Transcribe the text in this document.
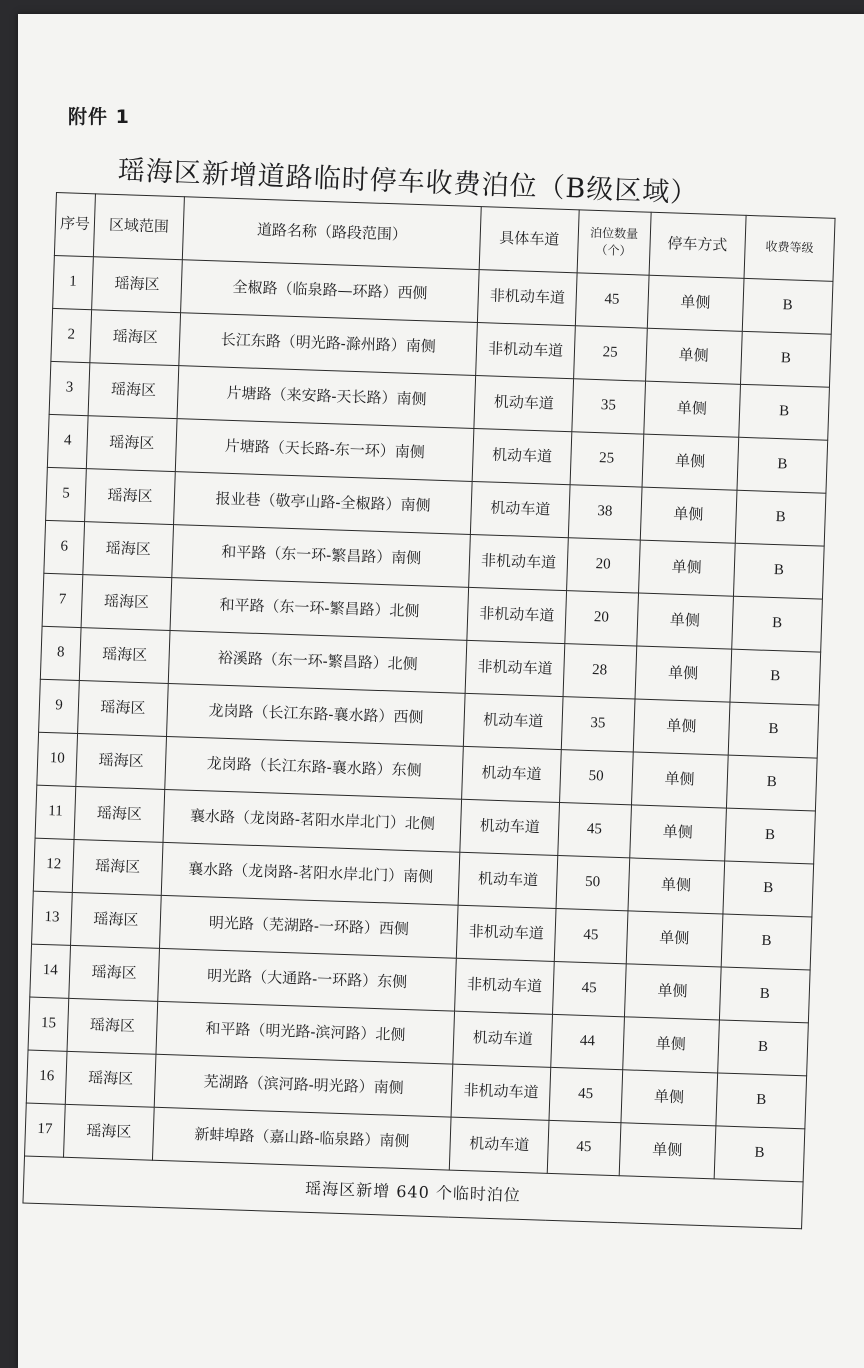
附件 1
瑶海区新增道路临时停车收费泊位（B级区域）
序号	区域范围	道路名称（路段范围）	具体车道	泊位数量（个）	停车方式	收费等级
1	瑶海区	全椒路（临泉路—环路）西侧	非机动车道	45	单侧	B
2	瑶海区	长江东路（明光路-滁州路）南侧	非机动车道	25	单侧	B
3	瑶海区	片塘路（来安路-天长路）南侧	机动车道	35	单侧	B
4	瑶海区	片塘路（天长路-东一环）南侧	机动车道	25	单侧	B
5	瑶海区	报业巷（敬亭山路-全椒路）南侧	机动车道	38	单侧	B
6	瑶海区	和平路（东一环-繁昌路）南侧	非机动车道	20	单侧	B
7	瑶海区	和平路（东一环-繁昌路）北侧	非机动车道	20	单侧	B
8	瑶海区	裕溪路（东一环-繁昌路）北侧	非机动车道	28	单侧	B
9	瑶海区	龙岗路（长江东路-襄水路）西侧	机动车道	35	单侧	B
10	瑶海区	龙岗路（长江东路-襄水路）东侧	机动车道	50	单侧	B
11	瑶海区	襄水路（龙岗路-茗阳水岸北门）北侧	机动车道	45	单侧	B
12	瑶海区	襄水路（龙岗路-茗阳水岸北门）南侧	机动车道	50	单侧	B
13	瑶海区	明光路（芜湖路-一环路）西侧	非机动车道	45	单侧	B
14	瑶海区	明光路（大通路-一环路）东侧	非机动车道	45	单侧	B
15	瑶海区	和平路（明光路-滨河路）北侧	机动车道	44	单侧	B
16	瑶海区	芜湖路（滨河路-明光路）南侧	非机动车道	45	单侧	B
17	瑶海区	新蚌埠路（嘉山路-临泉路）南侧	机动车道	45	单侧	B
瑶海区新增 640 个临时泊位						
